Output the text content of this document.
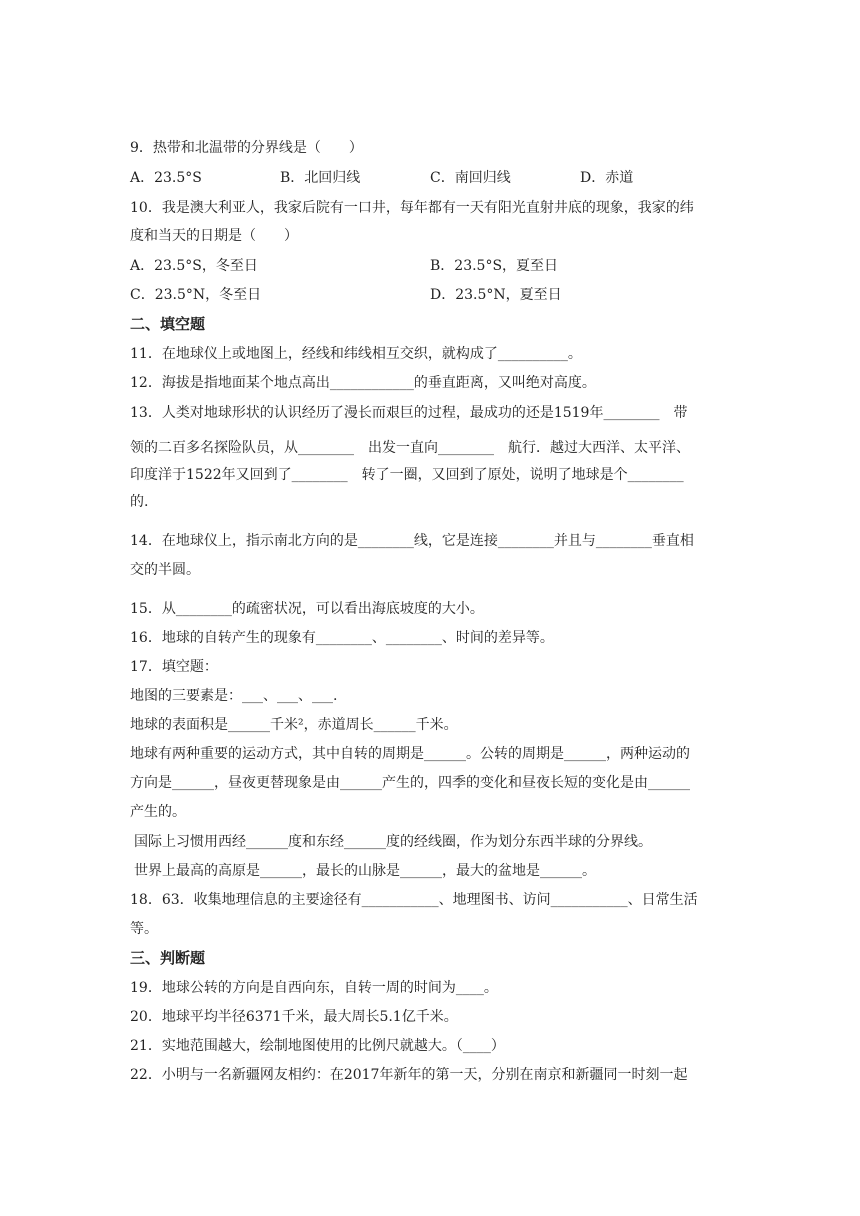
9．热带和北温带的分界线是（　　）
A．23.5°S	B．北回归线	C．南回归线	D．赤道
10．我是澳大利亚人，我家后院有一口井，每年都有一天有阳光直射井底的现象，我家的纬
度和当天的日期是（　　）
A．23.5°S，冬至日	B．23.5°S，夏至日
C．23.5°N，冬至日	D．23.5°N，夏至日
二、填空题
11．在地球仪上或地图上，经线和纬线相互交织，就构成了__________。
12．海拔是指地面某个地点高出____________的垂直距离，又叫绝对高度。
13．人类对地球形状的认识经历了漫长而艰巨的过程，最成功的还是1519年________　带
领的二百多名探险队员，从________　出发一直向________　航行．越过大西洋、太平洋、
印度洋于1522年又回到了________　转了一圈，又回到了原处，说明了地球是个________
的.
14．在地球仪上，指示南北方向的是________线，它是连接________并且与________垂直相
交的半圆。
15．从________的疏密状况，可以看出海底坡度的大小。
16．地球的自转产生的现象有________、________、时间的差异等。
17．填空题：
地图的三要素是：___、___、___.
地球的表面积是______千米²，赤道周长______千米。
地球有两种重要的运动方式，其中自转的周期是______。公转的周期是______，两种运动的
方向是______，昼夜更替现象是由______产生的，四季的变化和昼夜长短的变化是由______
产生的。
国际上习惯用西经______度和东经______度的经线圈，作为划分东西半球的分界线。
世界上最高的高原是______，最长的山脉是______，最大的盆地是______。
18．63．收集地理信息的主要途径有___________、地理图书、访问___________、日常生活
等。
三、判断题
19．地球公转的方向是自西向东，自转一周的时间为____。
20．地球平均半径6371千米，最大周长5.1亿千米。
21．实地范围越大，绘制地图使用的比例尺就越大。（____）
22．小明与一名新疆网友相约：在2017年新年的第一天，分别在南京和新疆同一时刻一起
